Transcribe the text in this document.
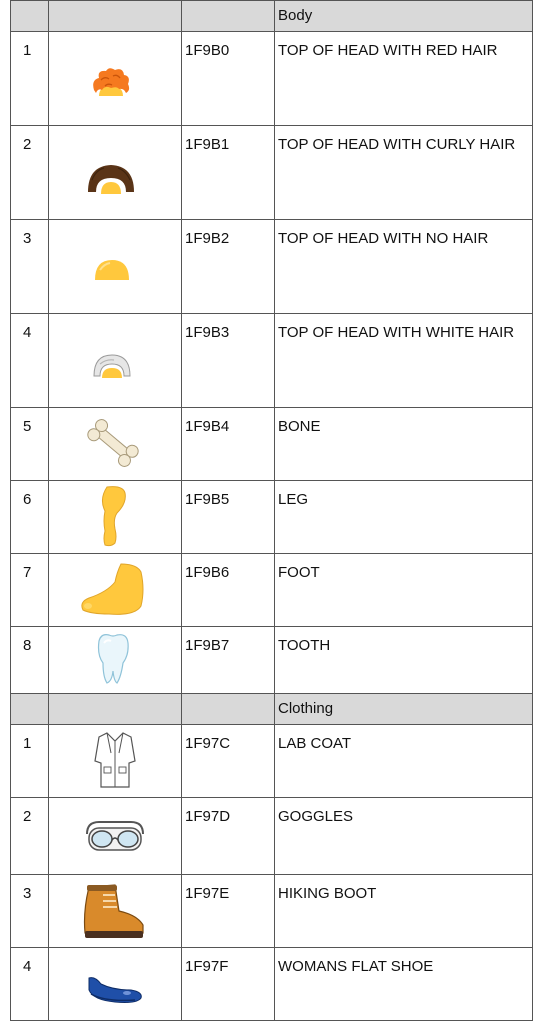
			Body

1		1F9B0	TOP OF HEAD WITH RED HAIR

2		1F9B1	TOP OF HEAD WITH CURLY HAIR

3		1F9B2	TOP OF HEAD WITH NO HAIR

4		1F9B3	TOP OF HEAD WITH WHITE HAIR

5		1F9B4	BONE

6		1F9B5	LEG

7		1F9B6	FOOT

8		1F9B7	TOOTH

			Clothing

1		1F97C	LAB COAT

2		1F97D	GOGGLES

3		1F97E	HIKING BOOT

4		1F97F	WOMANS FLAT SHOE
